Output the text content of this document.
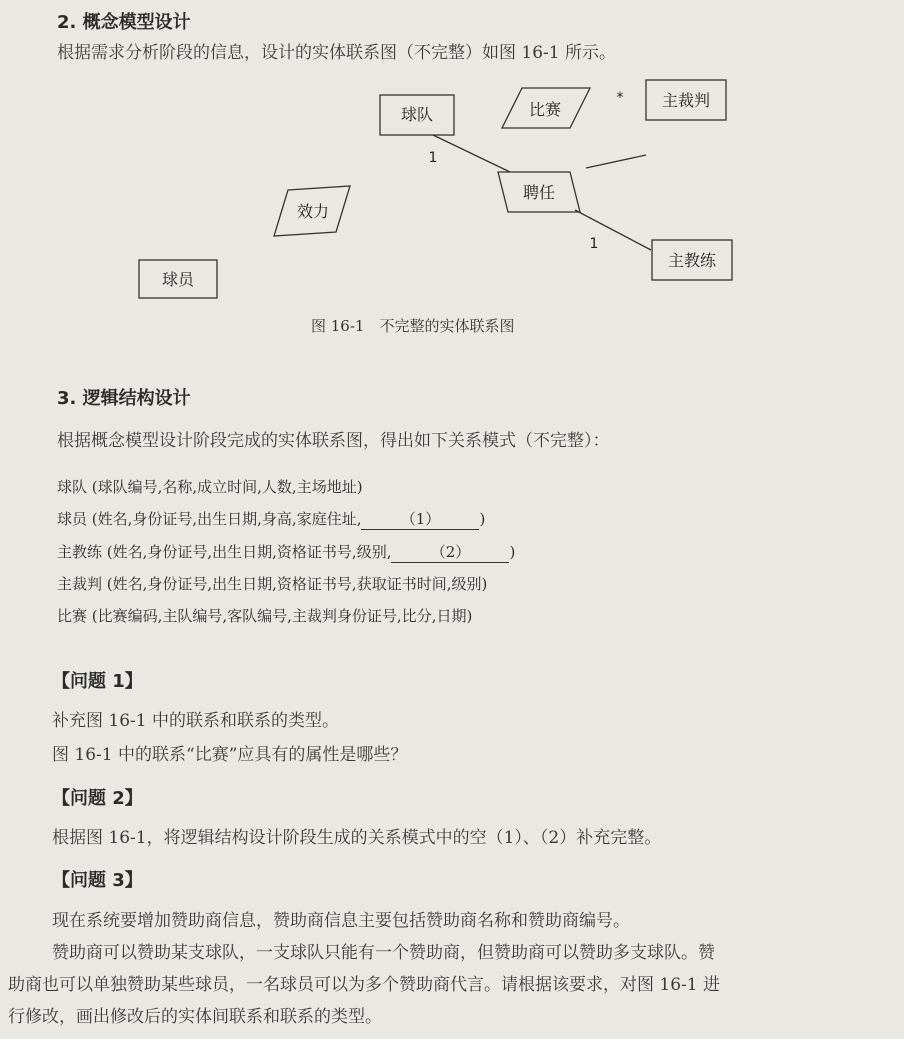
2. 概念模型设计
根据需求分析阶段的信息，设计的实体联系图（不完整）如图 16-1 所示。
球队	比赛
* 主裁判
1
聘任
1
主教练
效力
球员
图 16-1　不完整的实体联系图
3. 逻辑结构设计
根据概念模型设计阶段完成的实体联系图，得出如下关系模式（不完整）：
球队 (球队编号,名称,成立时间,人数,主场地址)
球员 (姓名,身份证号,出生日期,身高,家庭住址,	（1）	)
主教练 (姓名,身份证号,出生日期,资格证书号,级别,	（2）	)
主裁判 (姓名,身份证号,出生日期,资格证书号,获取证书时间,级别)
比赛 (比赛编码,主队编号,客队编号,主裁判身份证号,比分,日期)
【问题 1】
补充图 16-1 中的联系和联系的类型。
图 16-1 中的联系“比赛”应具有的属性是哪些？
【问题 2】
根据图 16-1，将逻辑结构设计阶段生成的关系模式中的空（1）、（2）补充完整。
【问题 3】
现在系统要增加赞助商信息，赞助商信息主要包括赞助商名称和赞助商编号。
赞助商可以赞助某支球队，一支球队只能有一个赞助商，但赞助商可以赞助多支球队。赞
助商也可以单独赞助某些球员，一名球员可以为多个赞助商代言。请根据该要求，对图 16-1 进
行修改，画出修改后的实体间联系和联系的类型。
